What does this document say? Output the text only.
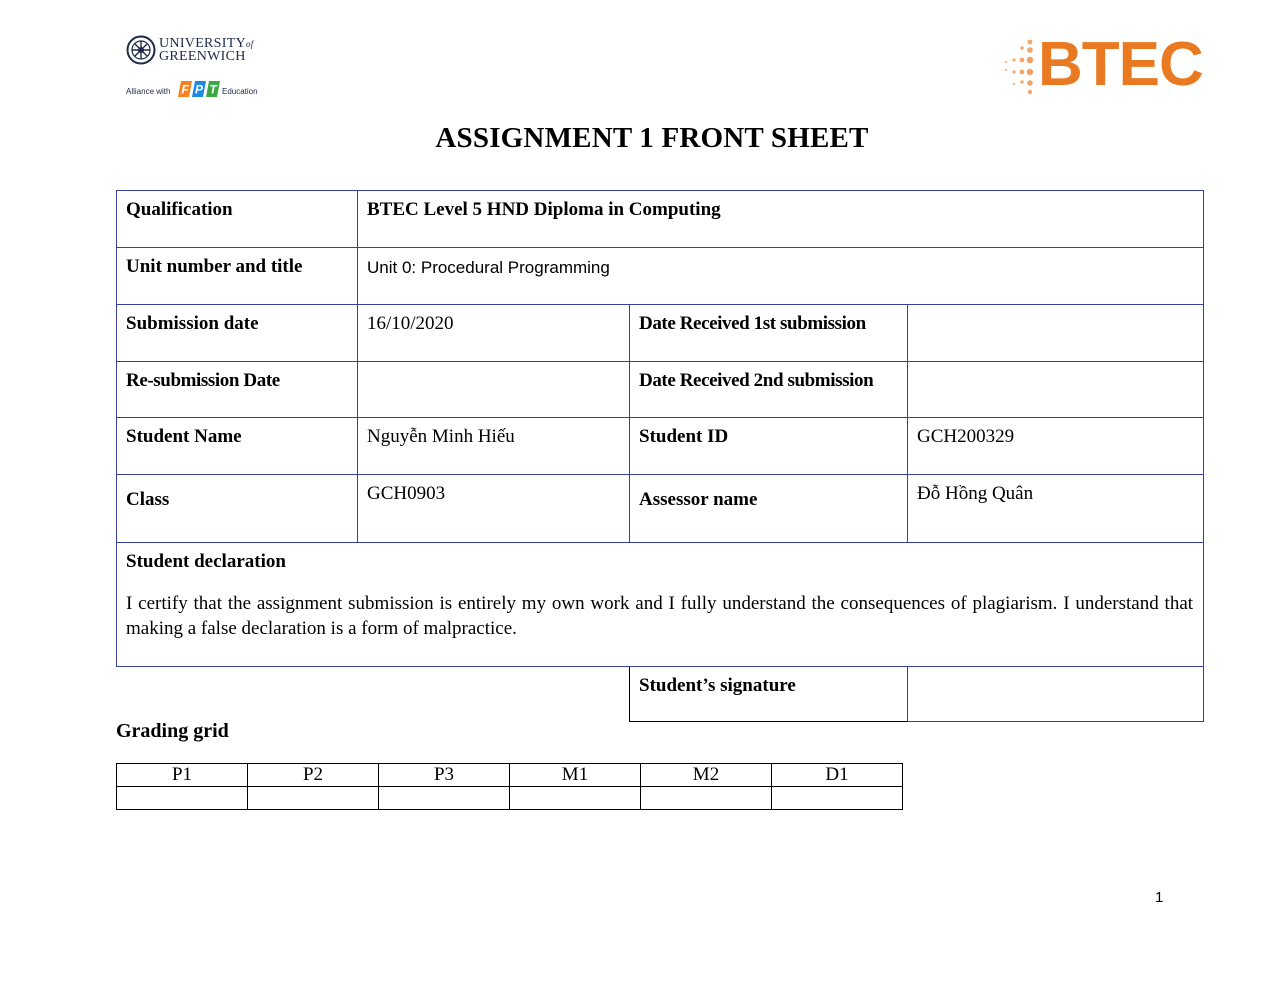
UNIVERSITYof
GREENWICH
Alliance with F P T Education	BTEC
ASSIGNMENT 1 FRONT SHEET
Qualification	BTEC Level 5 HND Diploma in Computing		
Unit number and title	Unit 0: Procedural Programming		
Submission date	16/10/2020	Date Received 1st submission	
Re-submission Date		Date Received 2nd submission	
Student Name	Nguyễn Minh Hiếu	Student ID	GCH200329
Class	GCH0903	Assessor name	Đỗ Hồng Quân

Student declaration
I certify that the assignment submission is entirely my own work and I fully understand the consequences of plagiarism. I understand that making a false declaration is a form of malpractice.			

		Student’s signature	
Grading grid
P1	P2	P3	M1	M2	D1

1
